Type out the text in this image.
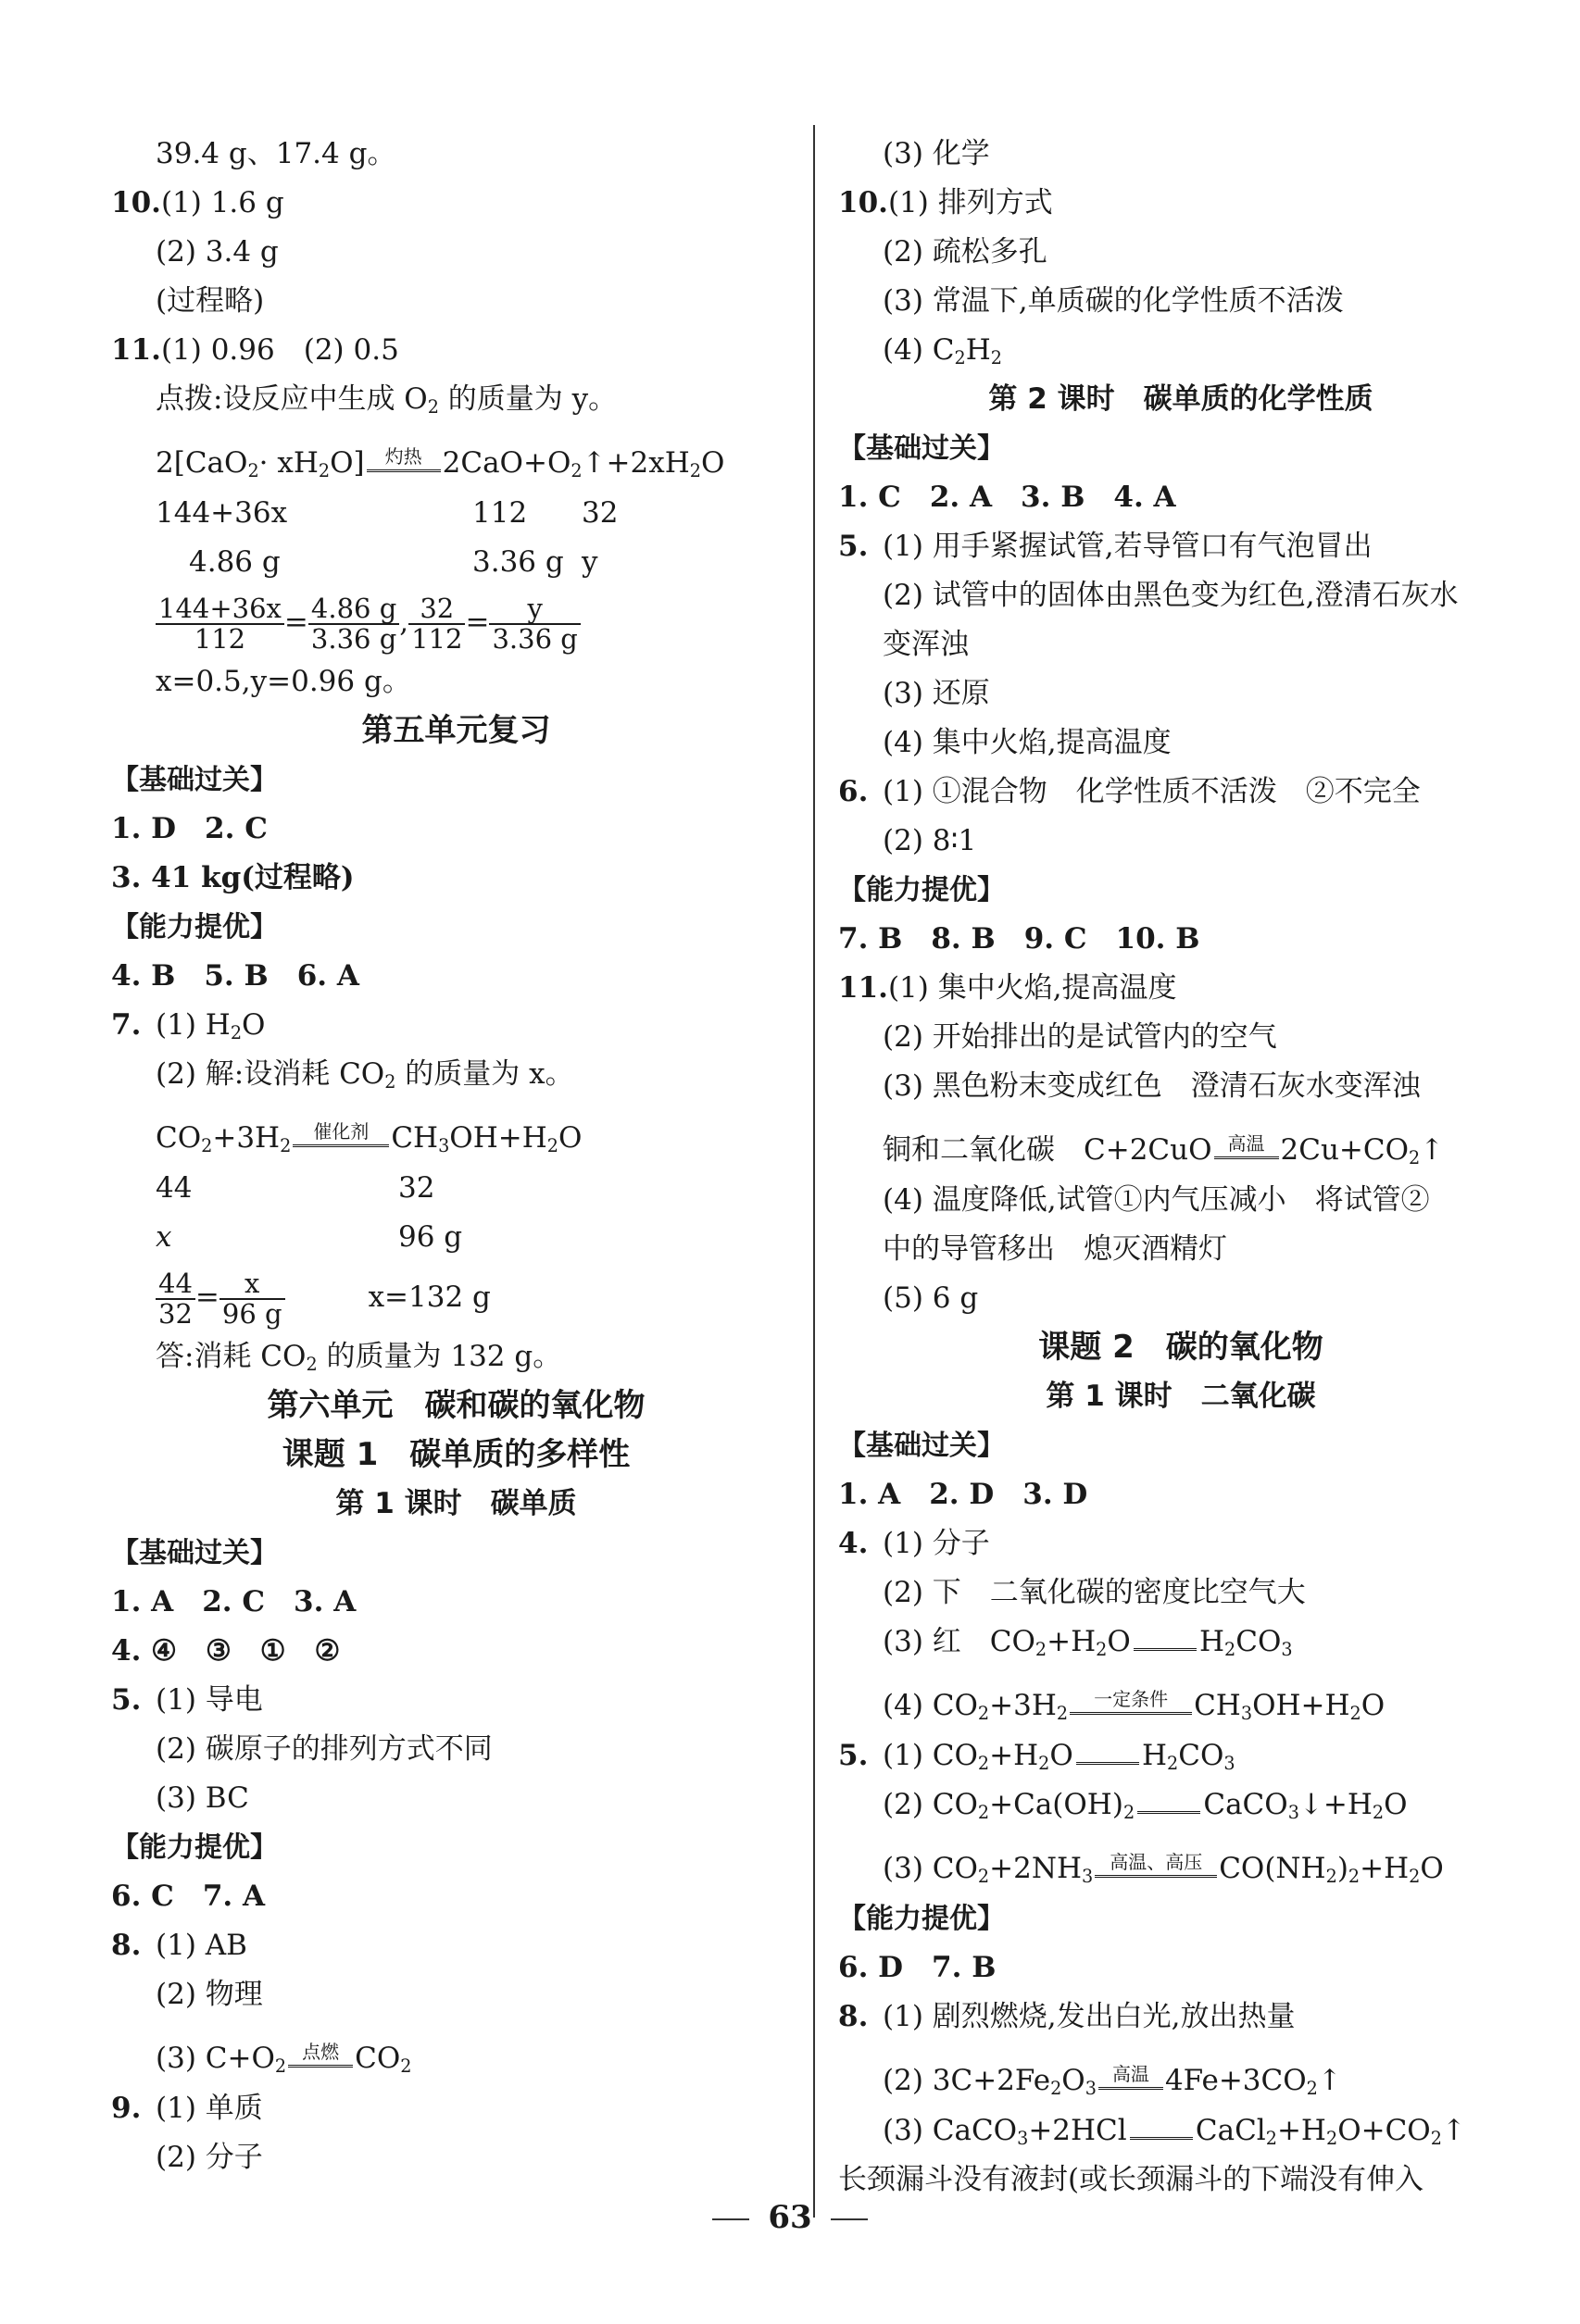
39.4 g、17.4 g。
10.(1) 1.6 g
(2) 3.4 g
(过程略)
11.(1) 0.96　(2) 0.5
点拨:设反应中生成 $O_2$ 的质量为 y。
$2[CaO_2\cdot xH_2O]$	灼热 $2CaO+O_2↑+2xH_2O$
144+36x	112 32
4.86 g	3.36 g y
$\frac{144+36x}{112} = \frac{4.86 g}{3.36 g}$ , $\frac{32}{112} = \frac{y}{3.36 g}$
x=0.5,y=0.96 g。
第五单元复习
【基础过关】
1. D　2. C
3. 41 kg(过程略)
【能力提优】
4. B　5. B　6. A
7. (1) $H_2O$
(2) 解:设消耗 $CO_2$ 的质量为 x。
$CO_2+3H_2$
催化剂 $CH_3OH+H_2O$
44	32
x	96 g
$\frac{44}{32} = \frac{x}{96 g}$	x=132 g
答:消耗 $CO_2$ 的质量为 132 g。
第六单元　碳和碳的氧化物
课题 1　碳单质的多样性
第 1 课时　碳单质
【基础过关】
1. A　2. C　3. A
4. ④　③　①　②
5. (1) 导电
(2) 碳原子的排列方式不同
(3) BC
【能力提优】
6. C　7. A
8. (1) AB
(2) 物理
(3) $C+O_2$
点燃 $CO_2$
9. (1) 单质
(2) 分子
(3) 化学
10.(1) 排列方式
(2) 疏松多孔
(3) 常温下,单质碳的化学性质不活泼
(4) $C_2H_2$
第 2 课时　碳单质的化学性质
【基础过关】
1. C　2. A　3. B　4. A
5. (1) 用手紧握试管,若导管口有气泡冒出
(2) 试管中的固体由黑色变为红色,澄清石灰水
变浑浊
(3) 还原
(4) 集中火焰,提高温度
6. (1) ①混合物　化学性质不活泼　②不完全
(2) 8∶1
【能力提优】
7. B　8. B　9. C　10. B
11.(1) 集中火焰,提高温度
(2) 开始排出的是试管内的空气
(3) 黑色粉末变成红色　澄清石灰水变浑浊
铜和二氧化碳　C+2CuO 高温 $2Cu+CO_2↑$
(4) 温度降低,试管①内气压减小　将试管②
中的导管移出　熄灭酒精灯
(5) 6 g
课题 2　碳的氧化物
第 1 课时　二氧化碳
【基础过关】
1. A　2. D　3. D
4. (1) 分子
(2) 下　二氧化碳的密度比空气大
(3) 红　$CO_2+H_2O$ $H_2CO_3$
(4) $CO_2+3H_2$
一定条件 $CH_3OH+H_2O$
5. (1) $CO_2+H_2O$ $H_2CO_3$
(2) $CO_2+Ca(OH)_2$ $CaCO_3↓+H_2O$
(3) $CO_2+2NH_3$
高温、高压 $CO(NH_2)_2+H_2O$
【能力提优】
6. D　7. B
8. (1) 剧烈燃烧,发出白光,放出热量
(2) $3C+2Fe_2O_3$
高温 $4Fe+3CO_2↑$
(3) CaCO$_3$+2HCl $CaCl_2+H_2O+CO_2↑$
长颈漏斗没有液封(或长颈漏斗的下端没有伸入
63
